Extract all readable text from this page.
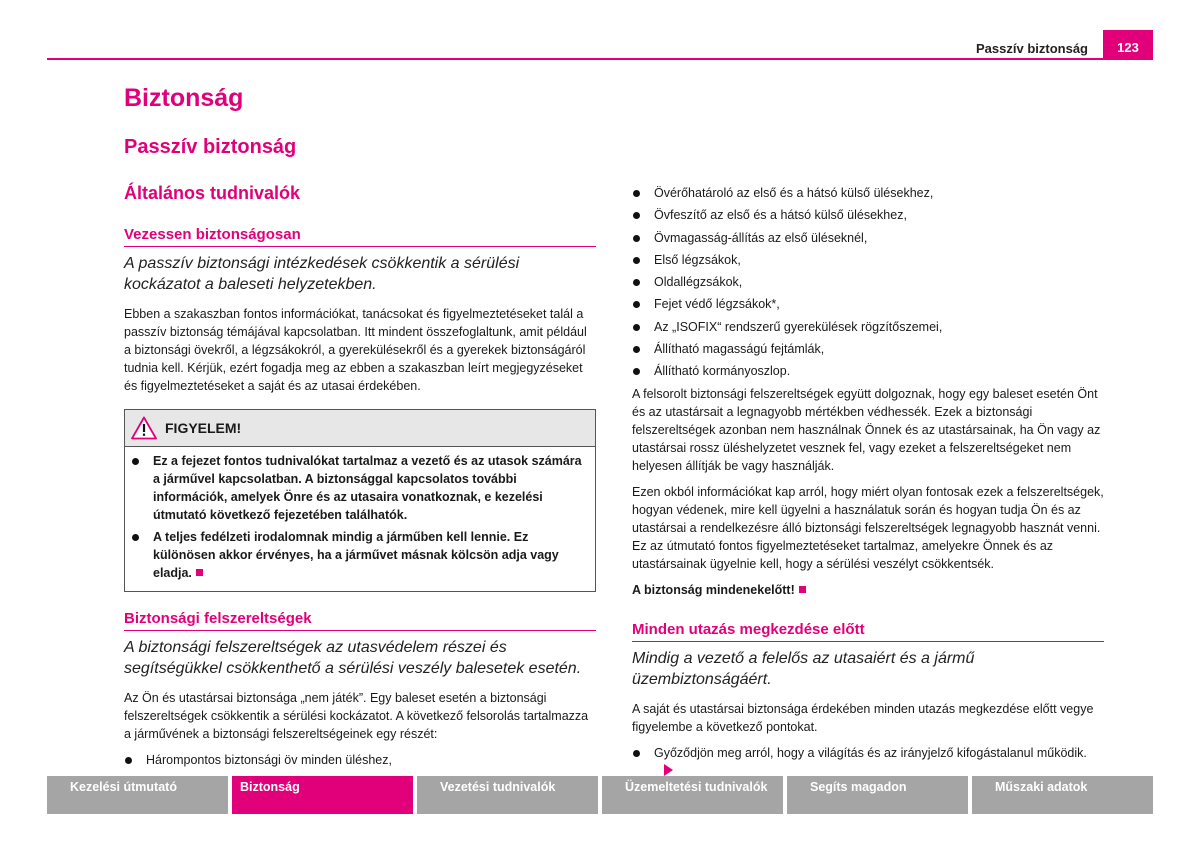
Passzív biztonság 123
Biztonság
Passzív biztonság
Általános tudnivalók
Vezessen biztonságosan
A passzív biztonsági intézkedések csökkentik a sérülési kockázatot a baleseti helyzetekben.

Ebben a szakaszban fontos információkat, tanácsokat és figyelmeztetéseket talál a passzív biztonság témájával kapcsolatban. Itt mindent összefoglaltunk, amit például a biztonsági övekről, a légzsákokról, a gyerekülésekről és a gyerekek biztonságáról tudnia kell. Kérjük, ezért fogadja meg az ebben a szakaszban leírt megjegyzéseket és figyelmeztetéseket a saját és az utasai érdekében.

FIGYELEM!
Ez a fejezet fontos tudnivalókat tartalmaz a vezető és az utasok számára a járművel kapcsolatban. A biztonsággal kapcsolatos további információk, amelyek Önre és az utasaira vonatkoznak, e kezelési útmutató következő fejezetében találhatók.
A teljes fedélzeti irodalomnak mindig a járműben kell lennie. Ez különösen akkor érvényes, ha a járművet másnak kölcsön adja vagy eladja.
Biztonsági felszereltségek
A biztonsági felszereltségek az utasvédelem részei és segítségükkel csökkenthető a sérülési veszély balesetek esetén.

Az Ön és utastársai biztonsága „nem játék”. Egy baleset esetén a biztonsági felszereltségek csökkentik a sérülési kockázatot. A következő felsorolás tartalmazza a járművének a biztonsági felszereltségeinek egy részét:

Hárompontos biztonsági öv minden üléshez,
Övérőhatároló az első és a hátsó külső ülésekhez,
Övfeszítő az első és a hátsó külső ülésekhez,
Övmagasság-állítás az első üléseknél,
Első légzsákok,
Oldallégzsákok,
Fejet védő légzsákok*,
Az „ISOFIX“ rendszerű gyerekülések rögzítőszemei,
Állítható magasságú fejtámlák,
Állítható kormányoszlop.

A felsorolt biztonsági felszereltségek együtt dolgoznak, hogy egy baleset esetén Önt és az utastársait a legnagyobb mértékben védhessék. Ezek a biztonsági felszereltségek azonban nem használnak Önnek és az utastársainak, ha Ön vagy az utastársai rossz üléshelyzetet vesznek fel, vagy ezeket a felszereltségeket nem helyesen állítják be vagy használják.

Ezen okból információkat kap arról, hogy miért olyan fontosak ezek a felszereltségek, hogyan védenek, mire kell ügyelni a használatuk során és hogyan tudja Ön és az utastársai a rendelkezésre álló biztonsági felszereltségek legnagyobb hasznát venni. Ez az útmutató fontos figyelmeztetéseket tartalmaz, amelyekre Önnek és az utastársainak ügyelnie kell, hogy a sérülési veszélyt csökkentsék.

A biztonság mindenekelőtt!

Minden utazás megkezdése előtt
Mindig a vezető a felelős az utasaiért és a jármű üzembiztonságáért.

A saját és utastársai biztonsága érdekében minden utazás megkezdése előtt vegye figyelembe a következő pontokat.

Győződjön meg arról, hogy a világítás és az irányjelző kifogástalanul működik.
Kezelési útmutató	Biztonság	Vezetési tudnivalók	Üzemeltetési tudnivalók	Segíts magadon	Műszaki adatok
